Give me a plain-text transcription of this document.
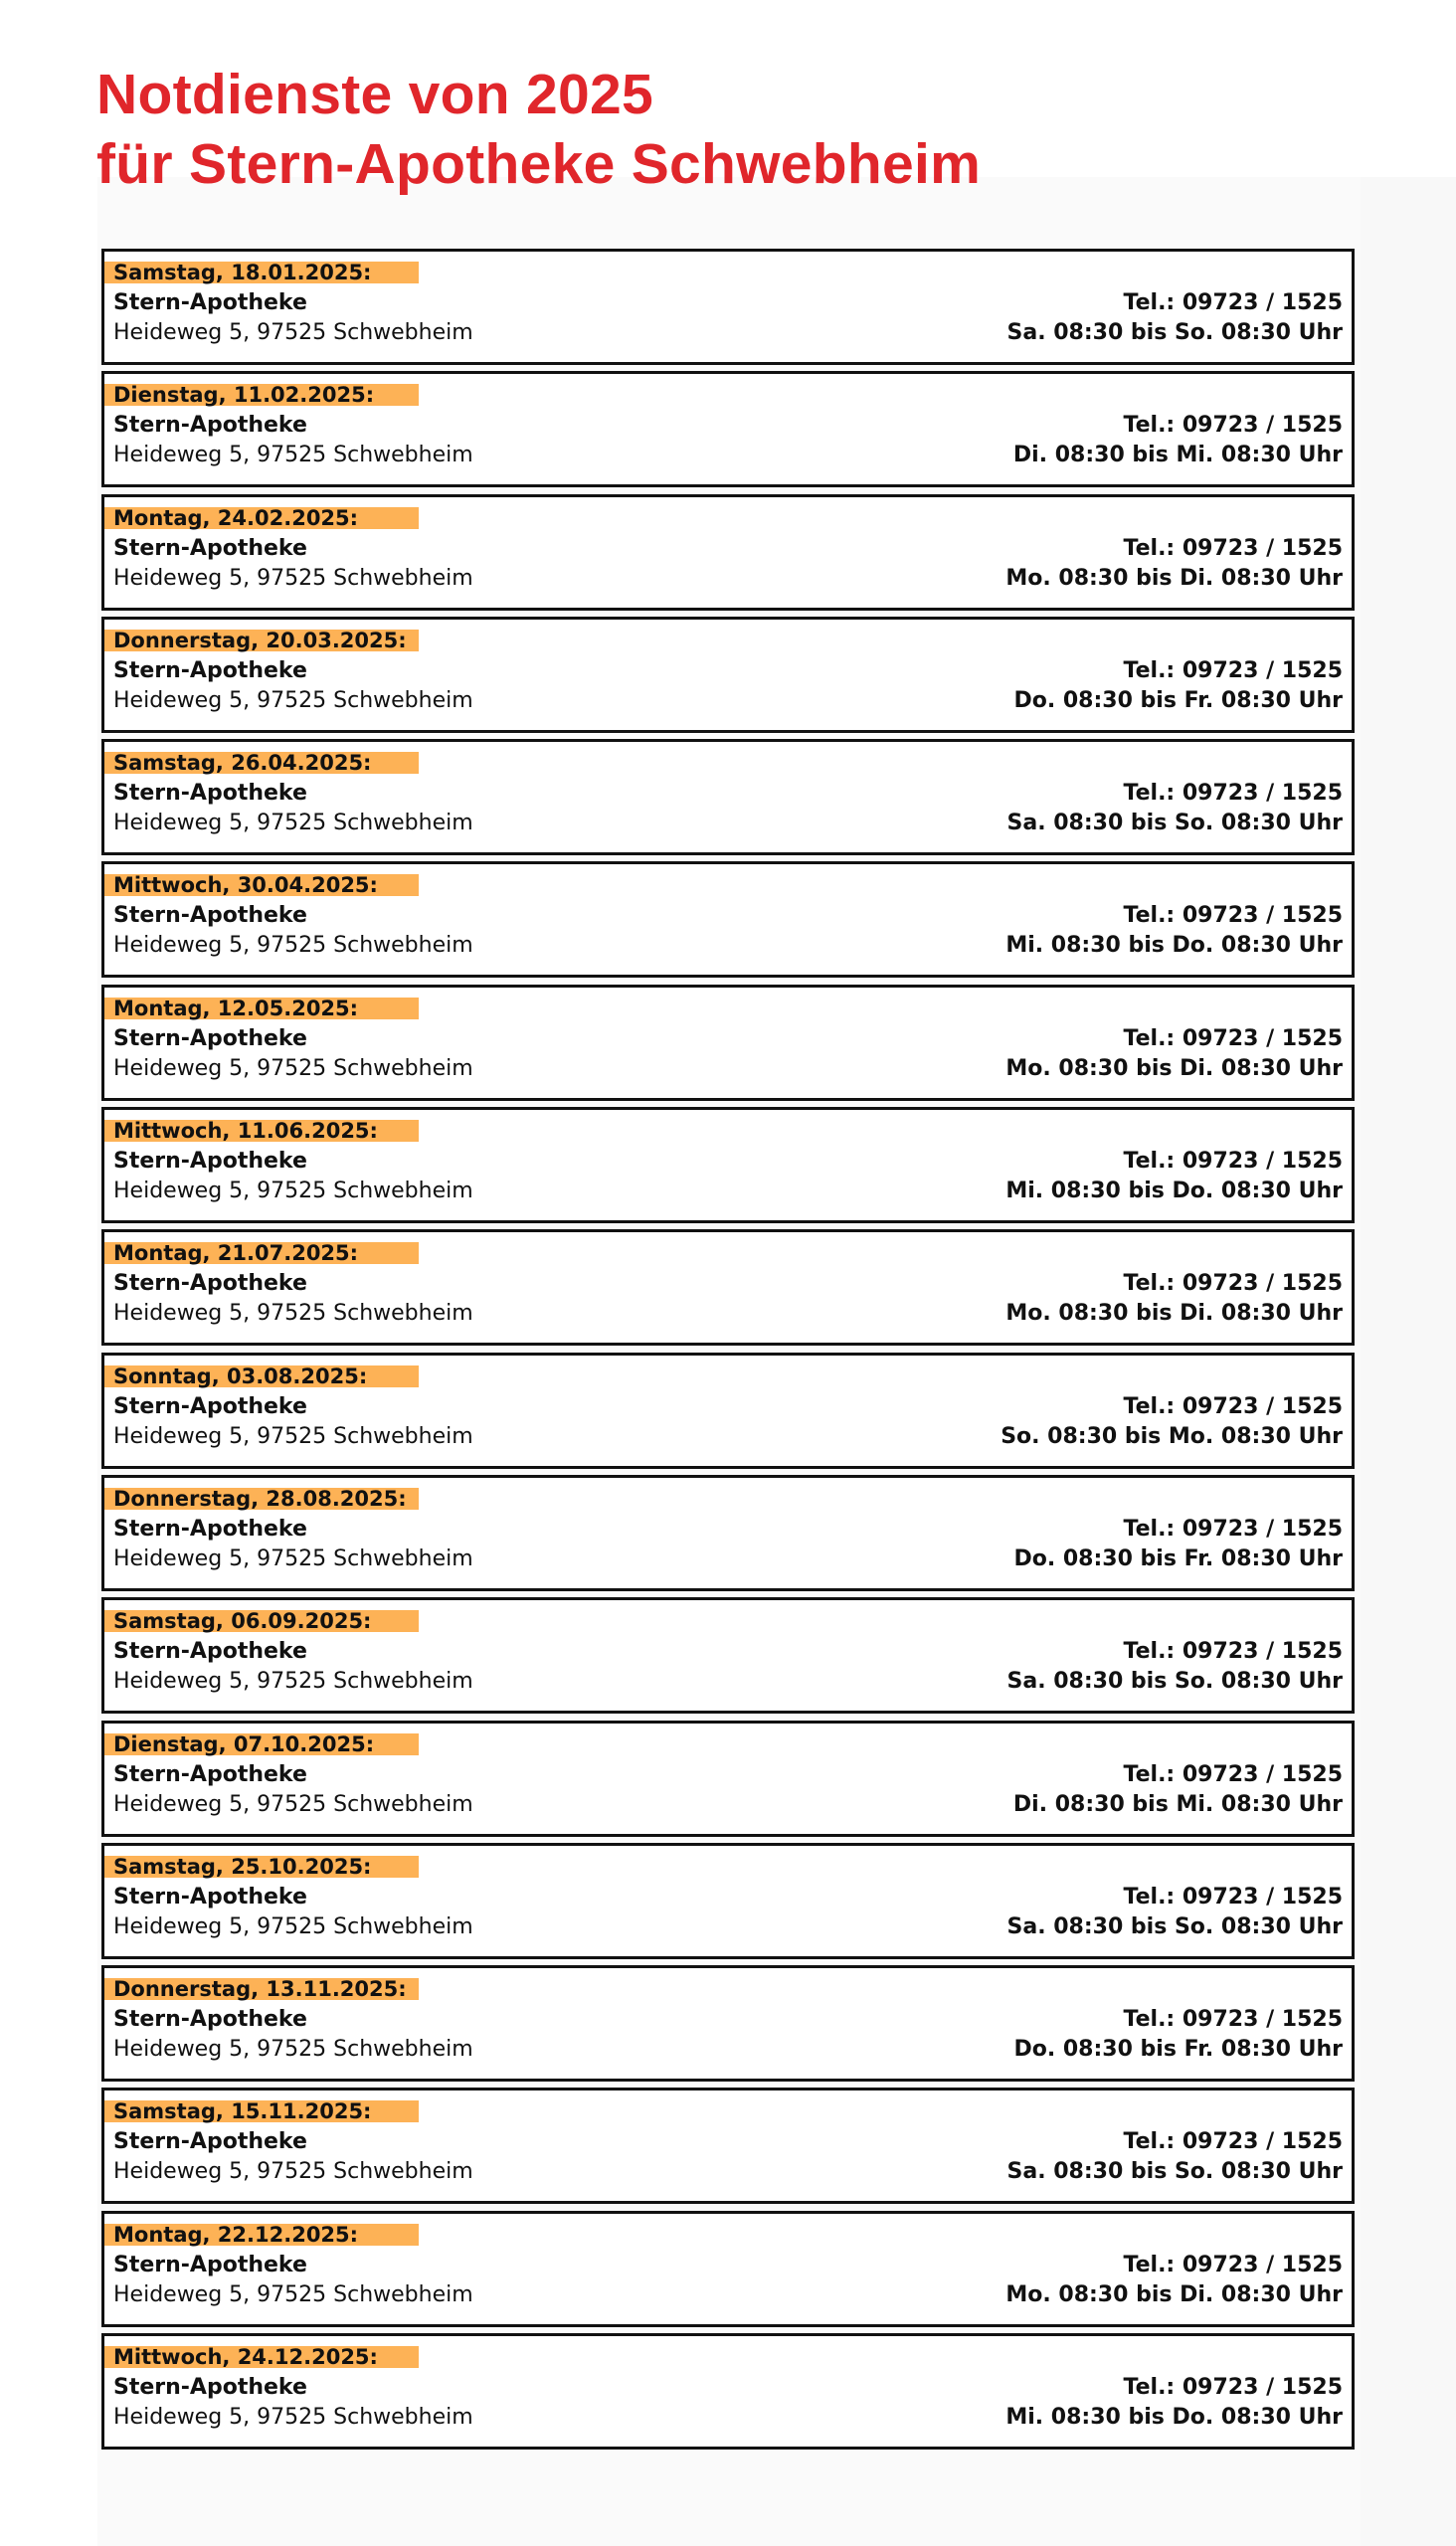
Notdienste von 2025
für Stern-Apotheke Schwebheim
Samstag, 18.01.2025:
Stern-Apotheke
Heideweg 5, 97525 Schwebheim
Tel.: 09723 / 1525
Sa. 08:30 bis So. 08:30 Uhr
Dienstag, 11.02.2025:
Stern-Apotheke
Heideweg 5, 97525 Schwebheim
Tel.: 09723 / 1525
Di. 08:30 bis Mi. 08:30 Uhr
Montag, 24.02.2025:
Stern-Apotheke
Heideweg 5, 97525 Schwebheim
Tel.: 09723 / 1525
Mo. 08:30 bis Di. 08:30 Uhr
Donnerstag, 20.03.2025:
Stern-Apotheke
Heideweg 5, 97525 Schwebheim
Tel.: 09723 / 1525
Do. 08:30 bis Fr. 08:30 Uhr
Samstag, 26.04.2025:
Stern-Apotheke
Heideweg 5, 97525 Schwebheim
Tel.: 09723 / 1525
Sa. 08:30 bis So. 08:30 Uhr
Mittwoch, 30.04.2025:
Stern-Apotheke
Heideweg 5, 97525 Schwebheim
Tel.: 09723 / 1525
Mi. 08:30 bis Do. 08:30 Uhr
Montag, 12.05.2025:
Stern-Apotheke
Heideweg 5, 97525 Schwebheim
Tel.: 09723 / 1525
Mo. 08:30 bis Di. 08:30 Uhr
Mittwoch, 11.06.2025:
Stern-Apotheke
Heideweg 5, 97525 Schwebheim
Tel.: 09723 / 1525
Mi. 08:30 bis Do. 08:30 Uhr
Montag, 21.07.2025:
Stern-Apotheke
Heideweg 5, 97525 Schwebheim
Tel.: 09723 / 1525
Mo. 08:30 bis Di. 08:30 Uhr
Sonntag, 03.08.2025:
Stern-Apotheke
Heideweg 5, 97525 Schwebheim
Tel.: 09723 / 1525
So. 08:30 bis Mo. 08:30 Uhr
Donnerstag, 28.08.2025:
Stern-Apotheke
Heideweg 5, 97525 Schwebheim
Tel.: 09723 / 1525
Do. 08:30 bis Fr. 08:30 Uhr
Samstag, 06.09.2025:
Stern-Apotheke
Heideweg 5, 97525 Schwebheim
Tel.: 09723 / 1525
Sa. 08:30 bis So. 08:30 Uhr
Dienstag, 07.10.2025:
Stern-Apotheke
Heideweg 5, 97525 Schwebheim
Tel.: 09723 / 1525
Di. 08:30 bis Mi. 08:30 Uhr
Samstag, 25.10.2025:
Stern-Apotheke
Heideweg 5, 97525 Schwebheim
Tel.: 09723 / 1525
Sa. 08:30 bis So. 08:30 Uhr
Donnerstag, 13.11.2025:
Stern-Apotheke
Heideweg 5, 97525 Schwebheim
Tel.: 09723 / 1525
Do. 08:30 bis Fr. 08:30 Uhr
Samstag, 15.11.2025:
Stern-Apotheke
Heideweg 5, 97525 Schwebheim
Tel.: 09723 / 1525
Sa. 08:30 bis So. 08:30 Uhr
Montag, 22.12.2025:
Stern-Apotheke
Heideweg 5, 97525 Schwebheim
Tel.: 09723 / 1525
Mo. 08:30 bis Di. 08:30 Uhr
Mittwoch, 24.12.2025:
Stern-Apotheke
Heideweg 5, 97525 Schwebheim
Tel.: 09723 / 1525
Mi. 08:30 bis Do. 08:30 Uhr
